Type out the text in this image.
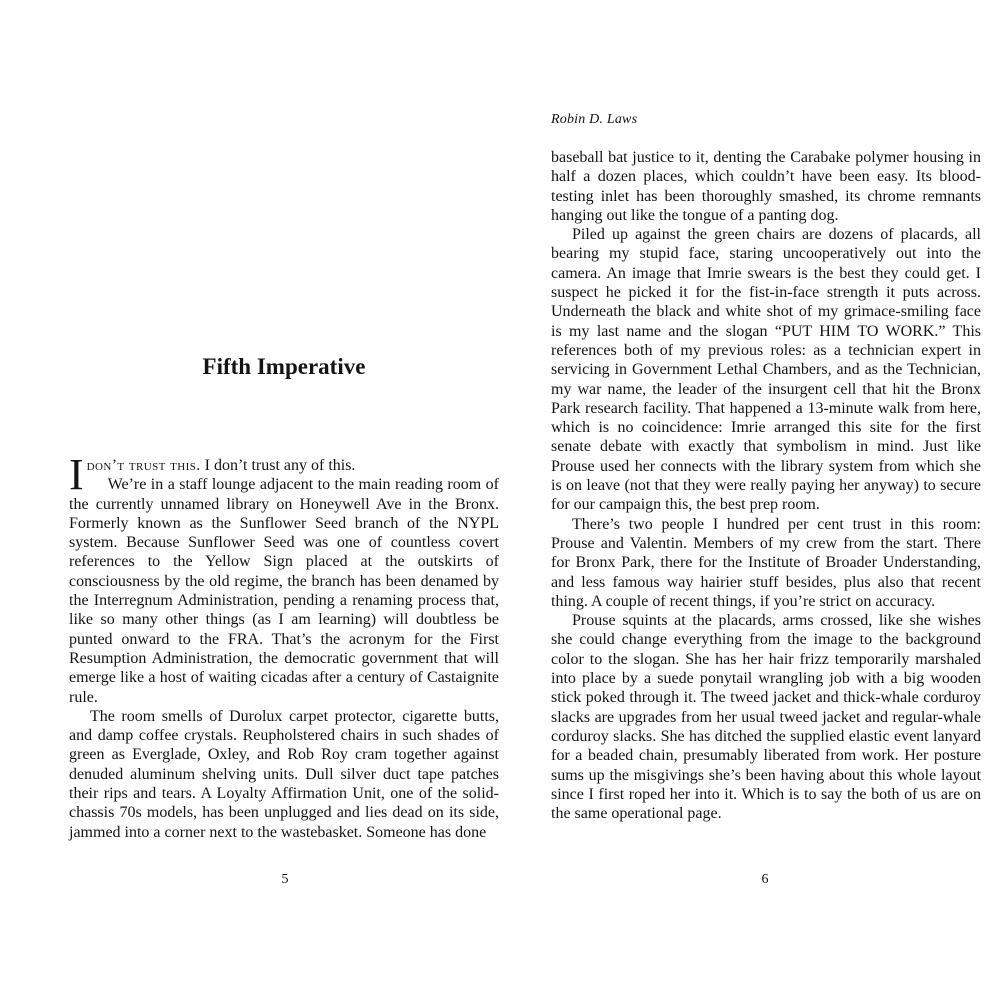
Fifth Imperative

Idon’t trust this. I don’t trust any of this.

We’re in a staff lounge adjacent to the main reading room of the currently unnamed library on Honeywell Ave in the Bronx. Formerly known as the Sunflower Seed branch of the NYPL system. Because Sunflower Seed was one of countless covert references to the Yellow Sign placed at the outskirts of consciousness by the old regime, the branch has been denamed by the Interregnum Administration, pending a renaming process that, like so many other things (as I am learning) will doubtless be punted onward to the FRA. That’s the acronym for the First Resumption Administration, the democratic government that will emerge like a host of waiting cicadas after a century of Castaignite rule.

The room smells of Durolux carpet protector, cigarette butts, and damp coffee crystals. Reupholstered chairs in such shades of green as Everglade, Oxley, and Rob Roy cram together against denuded aluminum shelving units. Dull silver duct tape patches their rips and tears. A Loyalty Affirmation Unit, one of the solid-chassis 70s models, has been unplugged and lies dead on its side, jammed into a corner next to the wastebasket. Someone has done

5

Robin D. Laws

baseball bat justice to it, denting the Carabake polymer housing in half a dozen places, which couldn’t have been easy. Its blood-testing inlet has been thoroughly smashed, its chrome remnants hanging out like the tongue of a panting dog.

Piled up against the green chairs are dozens of placards, all bearing my stupid face, staring uncooperatively out into the camera. An image that Imrie swears is the best they could get. I suspect he picked it for the fist-in-face strength it puts across. Underneath the black and white shot of my grimace-smiling face is my last name and the slogan “PUT HIM TO WORK.” This references both of my previous roles: as a technician expert in servicing in Government Lethal Chambers, and as the Technician, my war name, the leader of the insurgent cell that hit the Bronx Park research facility. That happened a 13-minute walk from here, which is no coincidence: Imrie arranged this site for the first senate debate with exactly that symbolism in mind. Just like Prouse used her connects with the library system from which she is on leave (not that they were really paying her anyway) to secure for our campaign this, the best prep room.

There’s two people I hundred per cent trust in this room: Prouse and Valentin. Members of my crew from the start. There for Bronx Park, there for the Institute of Broader Understanding, and less famous way hairier stuff besides, plus also that recent thing. A couple of recent things, if you’re strict on accuracy.

Prouse squints at the placards, arms crossed, like she wishes she could change everything from the image to the background color to the slogan. She has her hair frizz temporarily marshaled into place by a suede ponytail wrangling job with a big wooden stick poked through it. The tweed jacket and thick-whale corduroy slacks are upgrades from her usual tweed jacket and regular-whale corduroy slacks. She has ditched the supplied elastic event lanyard for a beaded chain, presumably liberated from work. Her posture sums up the misgivings she’s been having about this whole layout since I first roped her into it. Which is to say the both of us are on the same operational page.

6
